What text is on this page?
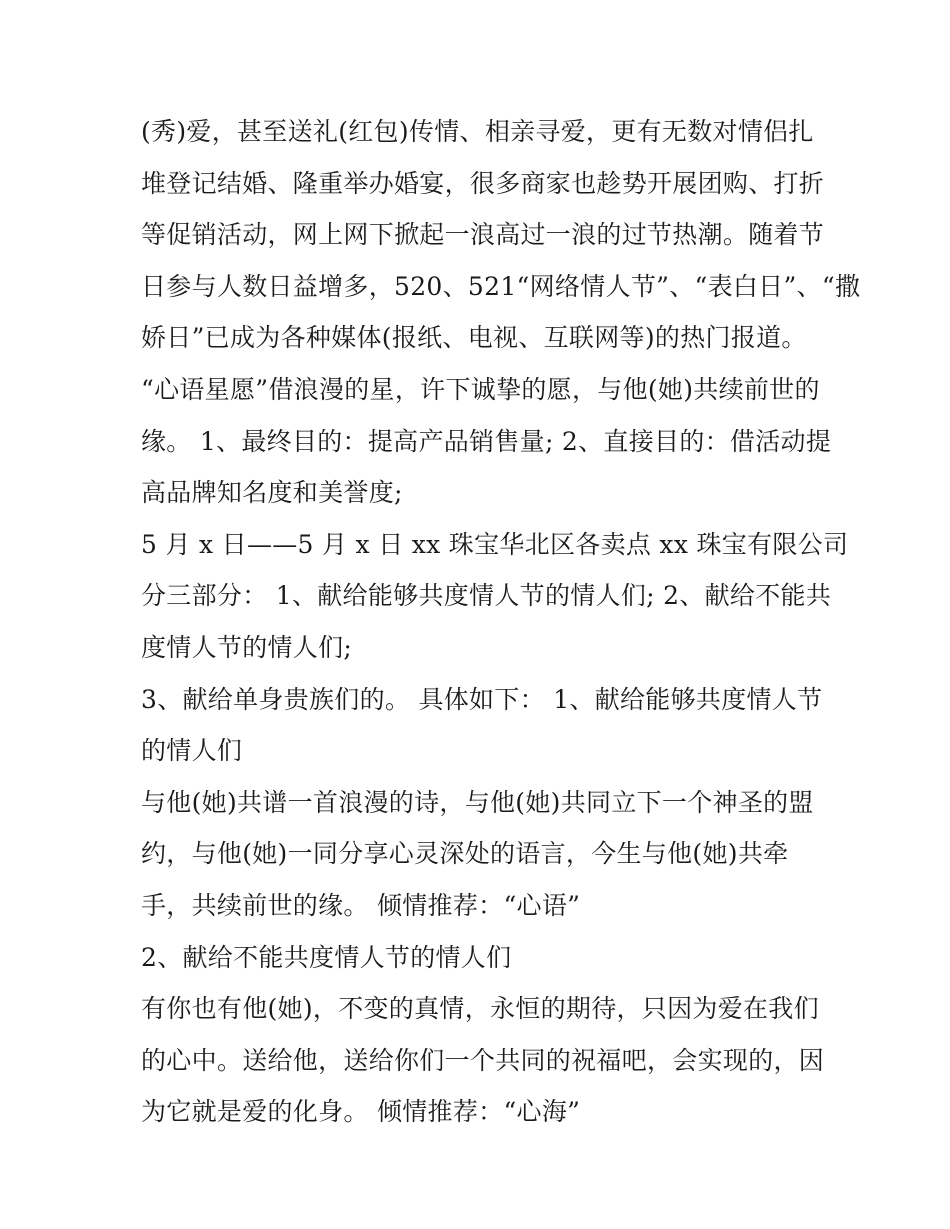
(秀)爱，甚至送礼(红包)传情、相亲寻爱，更有无数对情侣扎
堆登记结婚、隆重举办婚宴，很多商家也趁势开展团购、打折
等促销活动，网上网下掀起一浪高过一浪的过节热潮。随着节
日参与人数日益增多，520、521“网络情人节”、“表白日”、“撒
娇日”已成为各种媒体(报纸、电视、互联网等)的热门报道。
“心语星愿”借浪漫的星，许下诚挚的愿，与他(她)共续前世的
缘。 1、最终目的：提高产品销售量; 2、直接目的：借活动提
高品牌知名度和美誉度;
5 月 x 日——5 月 x 日 xx 珠宝华北区各卖点 xx 珠宝有限公司
分三部分： 1、献给能够共度情人节的情人们; 2、献给不能共
度情人节的情人们;
3、献给单身贵族们的。 具体如下： 1、献给能够共度情人节
的情人们
与他(她)共谱一首浪漫的诗，与他(她)共同立下一个神圣的盟
约，与他(她)一同分享心灵深处的语言，今生与他(她)共牵
手，共续前世的缘。 倾情推荐：“心语”
2、献给不能共度情人节的情人们
有你也有他(她)，不变的真情，永恒的期待，只因为爱在我们
的心中。送给他，送给你们一个共同的祝福吧，会实现的，因
为它就是爱的化身。 倾情推荐：“心海”
